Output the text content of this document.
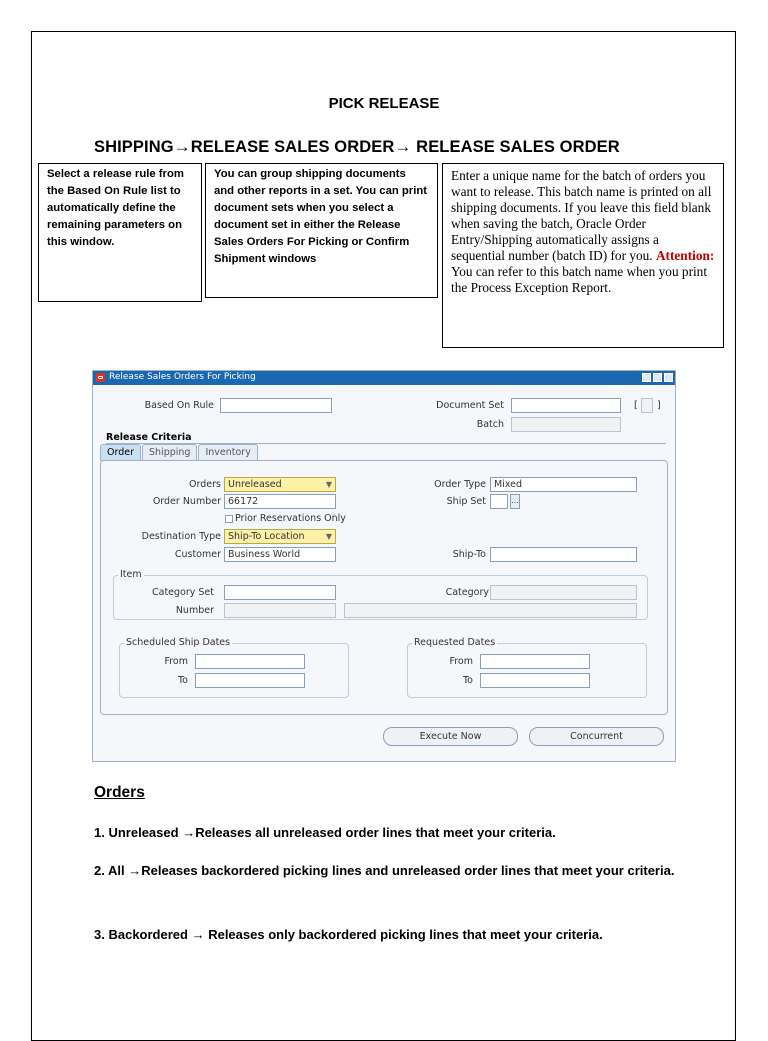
PICK RELEASE
SHIPPING→RELEASE SALES ORDER→ RELEASE SALES ORDER
Select a release rule from the Based On Rule list to automatically define the remaining parameters on this window.
You can group shipping documents and other reports in a set. You can print document sets when you select a document set in either the Release Sales Orders For Picking or Confirm Shipment windows
Enter a unique name for the batch of orders you want to release. This batch name is printed on all shipping documents. If you leave this field blank when saving the batch, Oracle Order Entry/Shipping automatically assigns a sequential number (batch ID) for you. Attention: You can refer to this batch name when you print the Process Exception Report.
Release Sales Orders For Picking
Based On Rule	Document Set	[ ]
Batch
Release Criteria
Order	Shipping	Inventory
Orders Unreleased	▼
Order Number 66172
Prior Reservations Only
Destination Type Ship-To Location	▼
Customer Business World
Order Type Mixed
Ship Set	…
Ship-To
Item
Category Set
Number
Category
Scheduled Ship Dates
From
To
Requested Dates
From
To
Execute Now	Concurrent
Orders
1. Unreleased →Releases all unreleased order lines that meet your criteria.
2. All →Releases backordered picking lines and unreleased order lines that meet your criteria.
3. Backordered → Releases only backordered picking lines that meet your criteria.
